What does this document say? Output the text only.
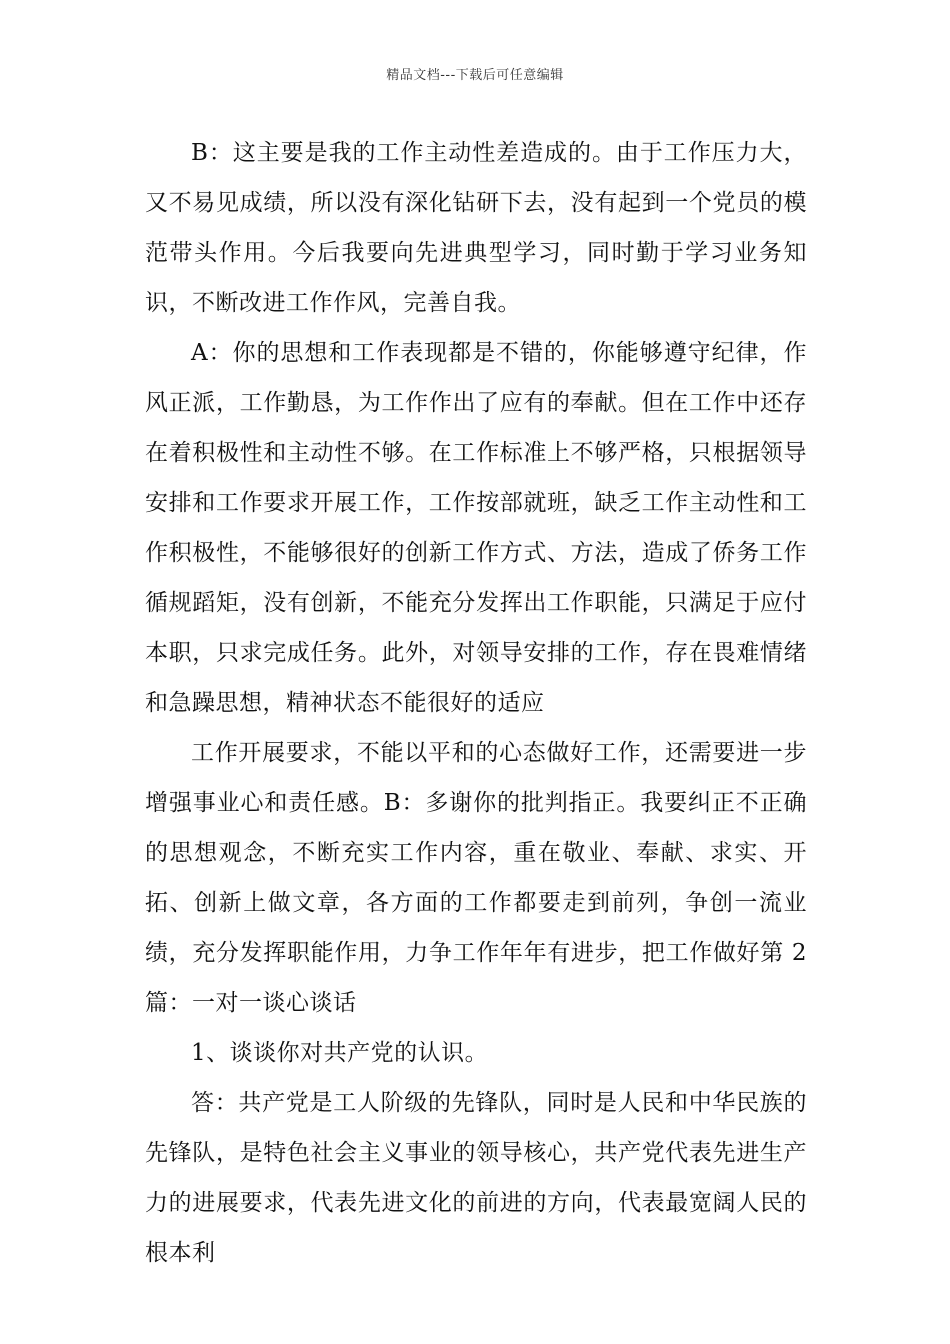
精品文档---下载后可任意编辑

B：这主要是我的工作主动性差造成的。由于工作压力大，又不易见成绩，所以没有深化钻研下去，没有起到一个党员的模范带头作用。今后我要向先进典型学习，同时勤于学习业务知识，不断改进工作作风，完善自我。

A：你的思想和工作表现都是不错的，你能够遵守纪律，作风正派，工作勤恳，为工作作出了应有的奉献。但在工作中还存在着积极性和主动性不够。在工作标准上不够严格，只根据领导安排和工作要求开展工作，工作按部就班，缺乏工作主动性和工作积极性，不能够很好的创新工作方式、方法，造成了侨务工作循规蹈矩，没有创新，不能充分发挥出工作职能，只满足于应付本职，只求完成任务。此外，对领导安排的工作，存在畏难情绪和急躁思想，精神状态不能很好的适应

工作开展要求，不能以平和的心态做好工作，还需要进一步增强事业心和责任感。B：多谢你的批判指正。我要纠正不正确的思想观念，不断充实工作内容，重在敬业、奉献、求实、开拓、创新上做文章，各方面的工作都要走到前列，争创一流业绩，充分发挥职能作用，力争工作年年有进步，把工作做好第 2 篇：一对一谈心谈话

1、谈谈你对共产党的认识。

答：共产党是工人阶级的先锋队，同时是人民和中华民族的先锋队，是特色社会主义事业的领导核心，共产党代表先进生产力的进展要求，代表先进文化的前进的方向，代表最宽阔人民的根本利
